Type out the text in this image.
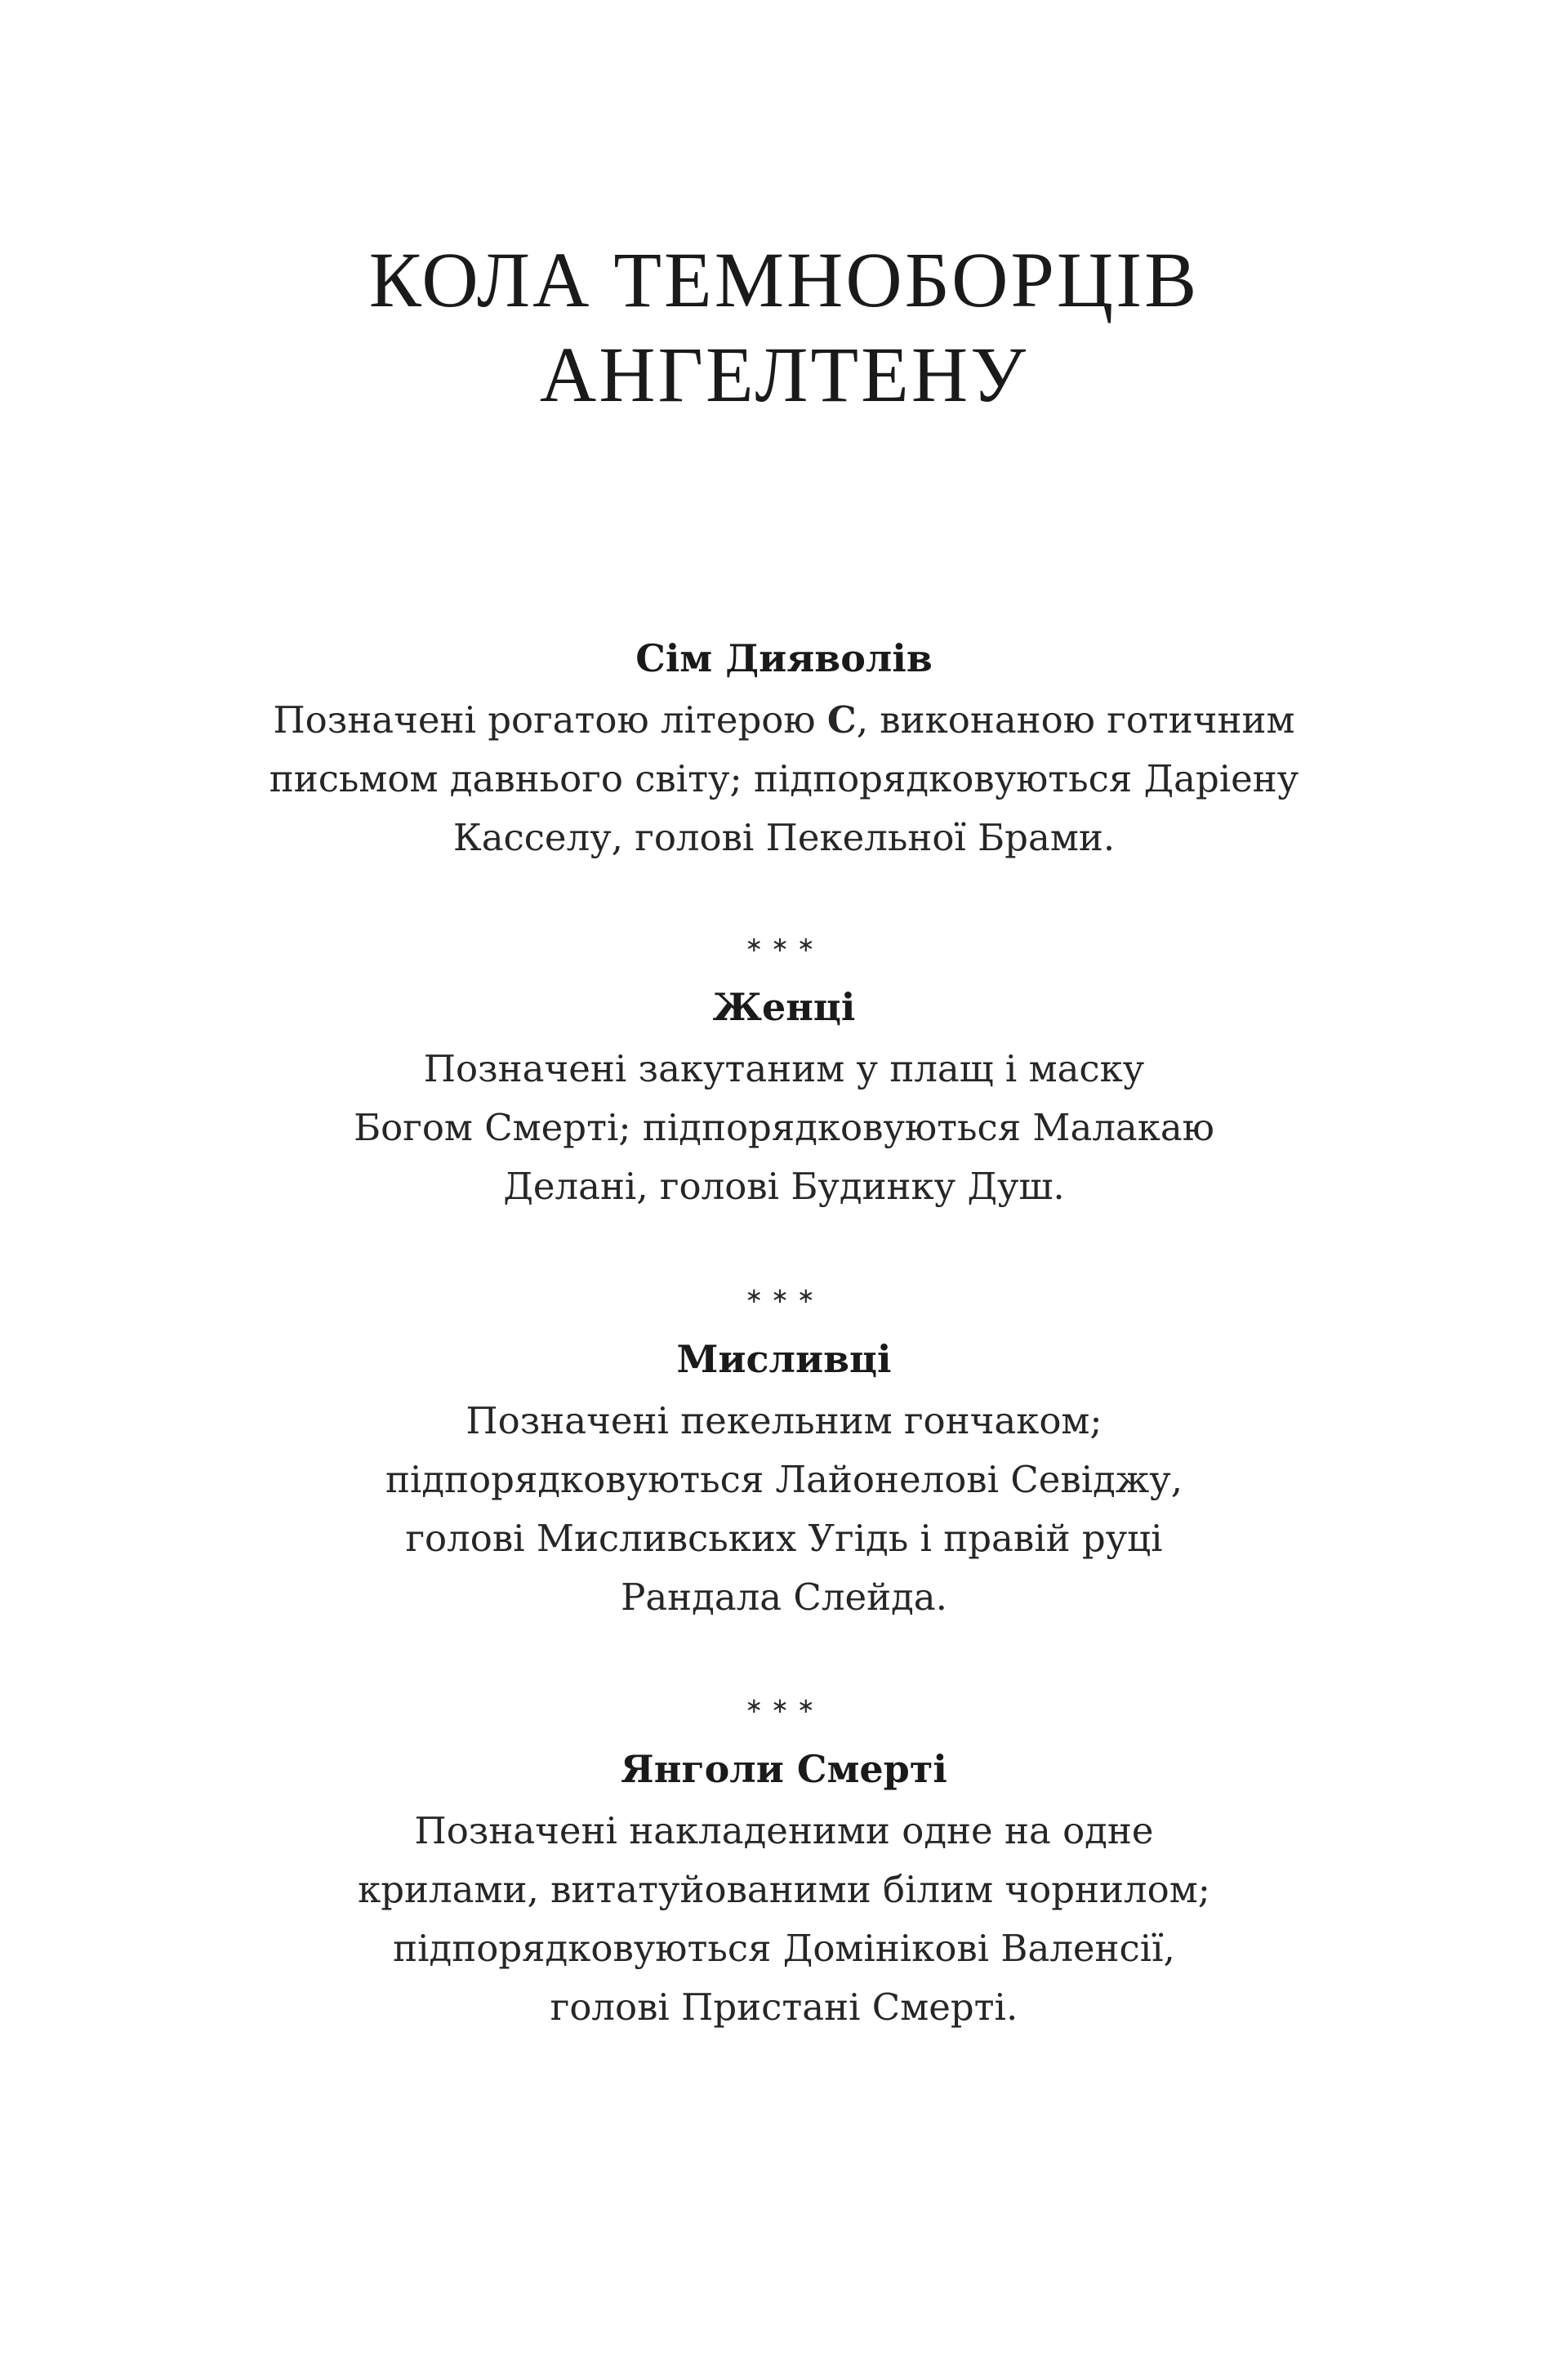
КОЛА ТЕМНОБОРЦІВ
АНГЕЛТЕНУ

Сім Дияволів

Позначені рогатою літерою С, виконаною готичним
письмом давнього світу; підпорядковуються Даріену
Касселу, голові Пекельної Брами.

∗∗∗

Женці

Позначені закутаним у плащ і маску
Богом Смерті; підпорядковуються Малакаю
Делані, голові Будинку Душ.

∗∗∗

Мисливці

Позначені пекельним гончаком;
підпорядковуються Лайонелові Севіджу,
голові Мисливських Угідь і правій руці
Рандала Слейда.

∗∗∗

Янголи Смерті

Позначені накладеними одне на одне
крилами, витатуйованими білим чорнилом;
підпорядковуються Домінікові Валенсії,
голові Пристані Смерті.
